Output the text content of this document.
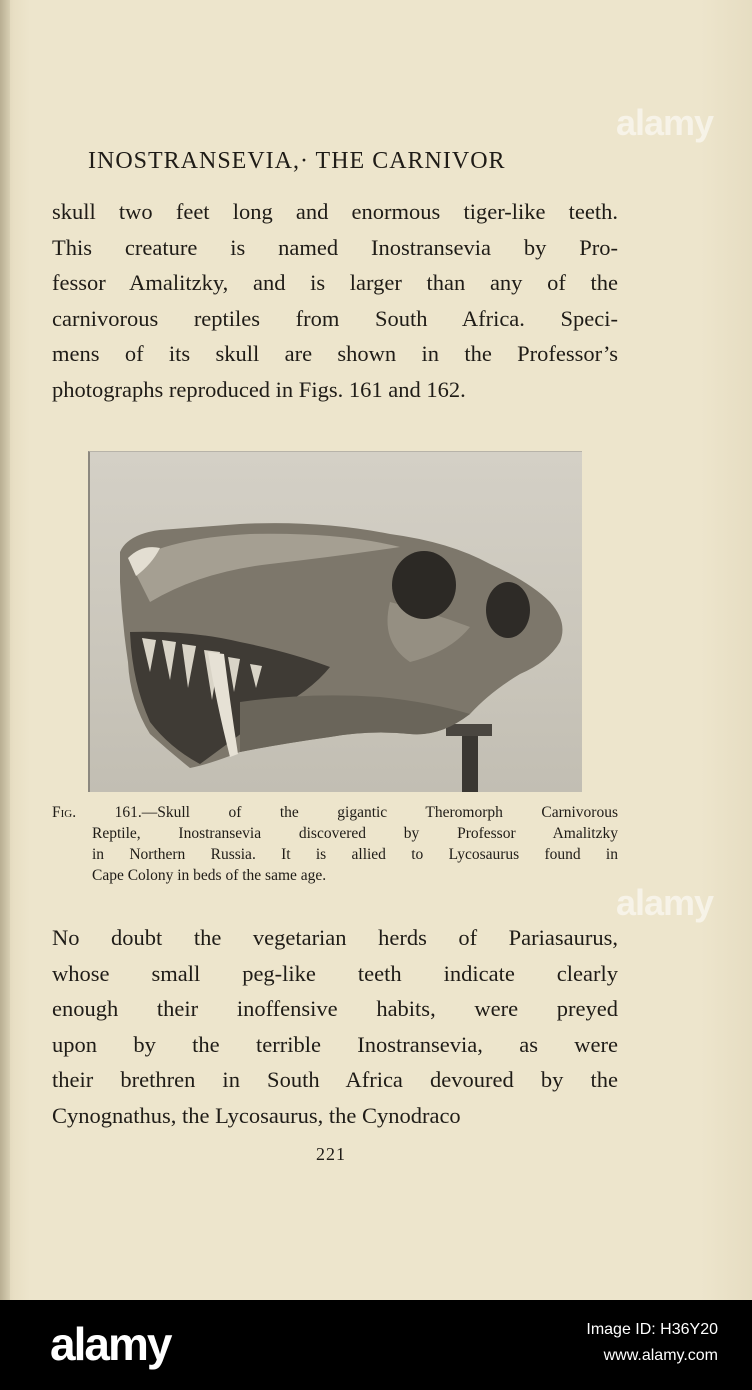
INOSTRANSEVIA,· THE CARNIVOR
skull two feet long and enormous tiger-like teeth.
This creature is named Inostransevia by Pro-
fessor Amalitzky, and is larger than any of the
carnivorous reptiles from South Africa. Speci-
mens of its skull are shown in the Professor’s
photographs reproduced in Figs. 161 and 162.
Fig. 161.—Skull of the gigantic Theromorph Carnivorous
Reptile, Inostransevia discovered by Professor Amalitzky
in Northern Russia. It is allied to Lycosaurus found in
Cape Colony in beds of the same age.
No doubt the vegetarian herds of Pariasaurus,
whose small peg-like teeth indicate clearly
enough their inoffensive habits, were preyed
upon by the terrible Inostransevia, as were
their brethren in South Africa devoured by the
Cynognathus, the Lycosaurus, the Cynodraco
221
alamy
alamy
alamy	Image ID: H36Y20
www.alamy.com
